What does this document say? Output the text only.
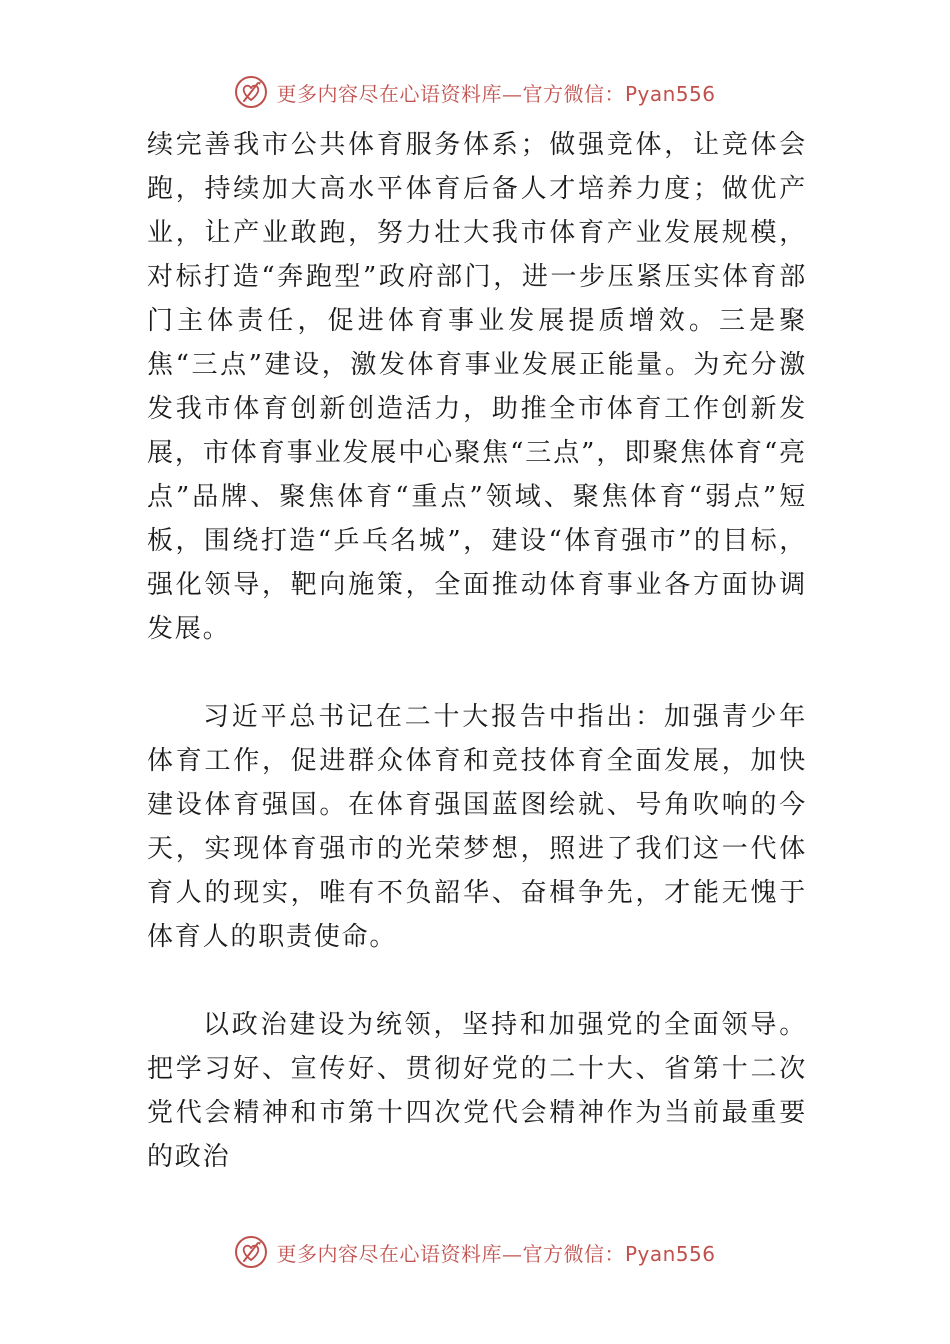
更多内容尽在心语资料库—官方微信：Pyan556

续完善我市公共体育服务体系；做强竞体，让竞体会跑，持续加大高水平体育后备人才培养力度；做优产业，让产业敢跑，努力壮大我市体育产业发展规模，对标打造“奔跑型”政府部门，进一步压紧压实体育部门主体责任，促进体育事业发展提质增效。三是聚焦“三点”建设，激发体育事业发展正能量。为充分激发我市体育创新创造活力，助推全市体育工作创新发展，市体育事业发展中心聚焦“三点”，即聚焦体育“亮点”品牌、聚焦体育“重点”领域、聚焦体育“弱点”短板，围绕打造“乒乓名城”，建设“体育强市”的目标，强化领导，靶向施策，全面推动体育事业各方面协调发展。

习近平总书记在二十大报告中指出：加强青少年体育工作，促进群众体育和竞技体育全面发展，加快建设体育强国。在体育强国蓝图绘就、号角吹响的今天，实现体育强市的光荣梦想，照进了我们这一代体育人的现实，唯有不负韶华、奋楫争先，才能无愧于体育人的职责使命。

以政治建设为统领，坚持和加强党的全面领导。把学习好、宣传好、贯彻好党的二十大、省第十二次党代会精神和市第十四次党代会精神作为当前最重要的政治

更多内容尽在心语资料库—官方微信：Pyan556
